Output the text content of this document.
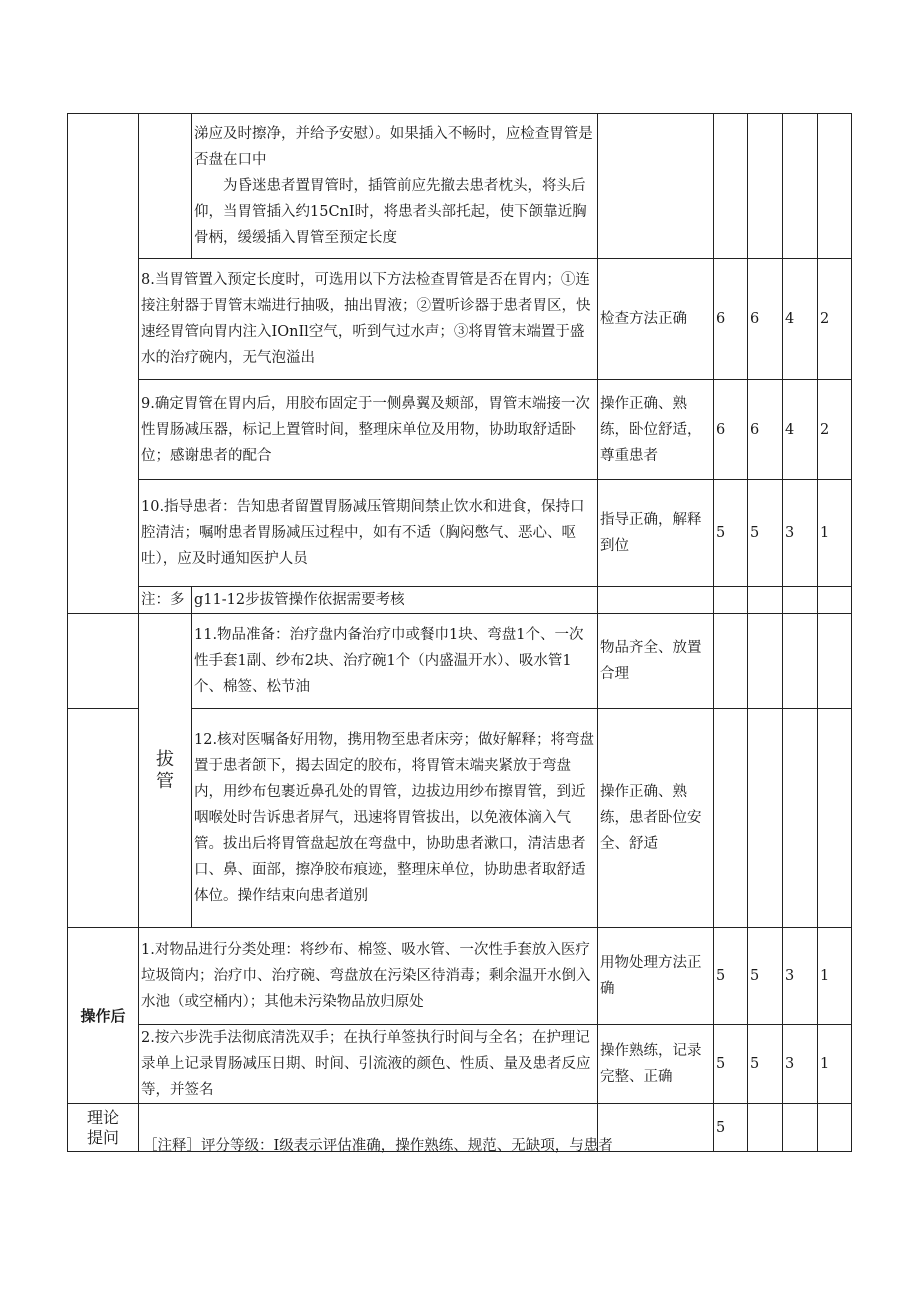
		涕应及时擦净，并给予安慰）。如果插入不畅时，应检查胃管是否盘在口中
为昏迷患者置胃管时，插管前应先撤去患者枕头，将头后仰，当胃管插入约15CnI时，将患者头部托起，使下颌靠近胸骨柄，缓缓插入胃管至预定长度					

	8.当胃管置入预定长度时，可选用以下方法检查胃管是否在胃内；①连接注射器于胃管末端进行抽吸，抽出胃液；②置听诊器于患者胃区，快速经胃管向胃内注入IOnIl空气，听到气过水声；③将胃管末端置于盛水的治疗碗内，无气泡溢出		检查方法正确	6	6	4	2
	9.确定胃管在胃内后，用胶布固定于一侧鼻翼及颊部，胃管末端接一次性胃肠减压器，标记上置管时间，整理床单位及用物，协助取舒适卧位；感谢患者的配合		操作正确、熟练，卧位舒适，尊重患者	6	6	4	2
	10.指导患者：告知患者留置胃肠减压管期间禁止饮水和进食，保持口腔清洁；嘱咐患者胃肠减压过程中，如有不适（胸闷憋气、恶心、呕吐），应及时通知医护人员		指导正确，解释到位	5	5	3	1
	注：多	g11-12步拔管操作依据需要考核					

	拔管	11.物品准备：治疗盘内备治疗巾或餐巾1块、弯盘1个、一次性手套1副、纱布2块、治疗碗1个（内盛温开水）、吸水管1个、棉签、松节油	物品齐全、放置合理				
		12.核对医嘱备好用物，携用物至患者床旁；做好解释；将弯盘置于患者颌下，揭去固定的胶布，将胃管末端夹紧放于弯盘内，用纱布包裹近鼻孔处的胃管，边拔边用纱布擦胃管，到近咽喉处时告诉患者屏气，迅速将胃管拔出，以免液体滴入气管。拔出后将胃管盘起放在弯盘中，协助患者漱口，清洁患者口、鼻、面部，擦净胶布痕迹，整理床单位，协助患者取舒适体位。操作结束向患者道别	操作正确、熟练，患者卧位安全、舒适				
操作后	1.对物品进行分类处理：将纱布、棉签、吸水管、一次性手套放入医疗垃圾筒内；治疗巾、治疗碗、弯盘放在污染区待消毒；剩余温开水倒入水池（或空桶内）；其他未污染物品放归原处		用物处理方法正确	5	5	3	1
	2.按六步洗手法彻底清洗双手；在执行单签执行时间与全名；在护理记录单上记录胃肠减压日期、时间、引流液的颜色、性质、量及患者反应等，并签名		操作熟练，记录完整、正确	5	5	3	1
理论提问				5			
［注释］评分等级：I级表示评估准确，操作熟练、规范、无缺项，与患者
